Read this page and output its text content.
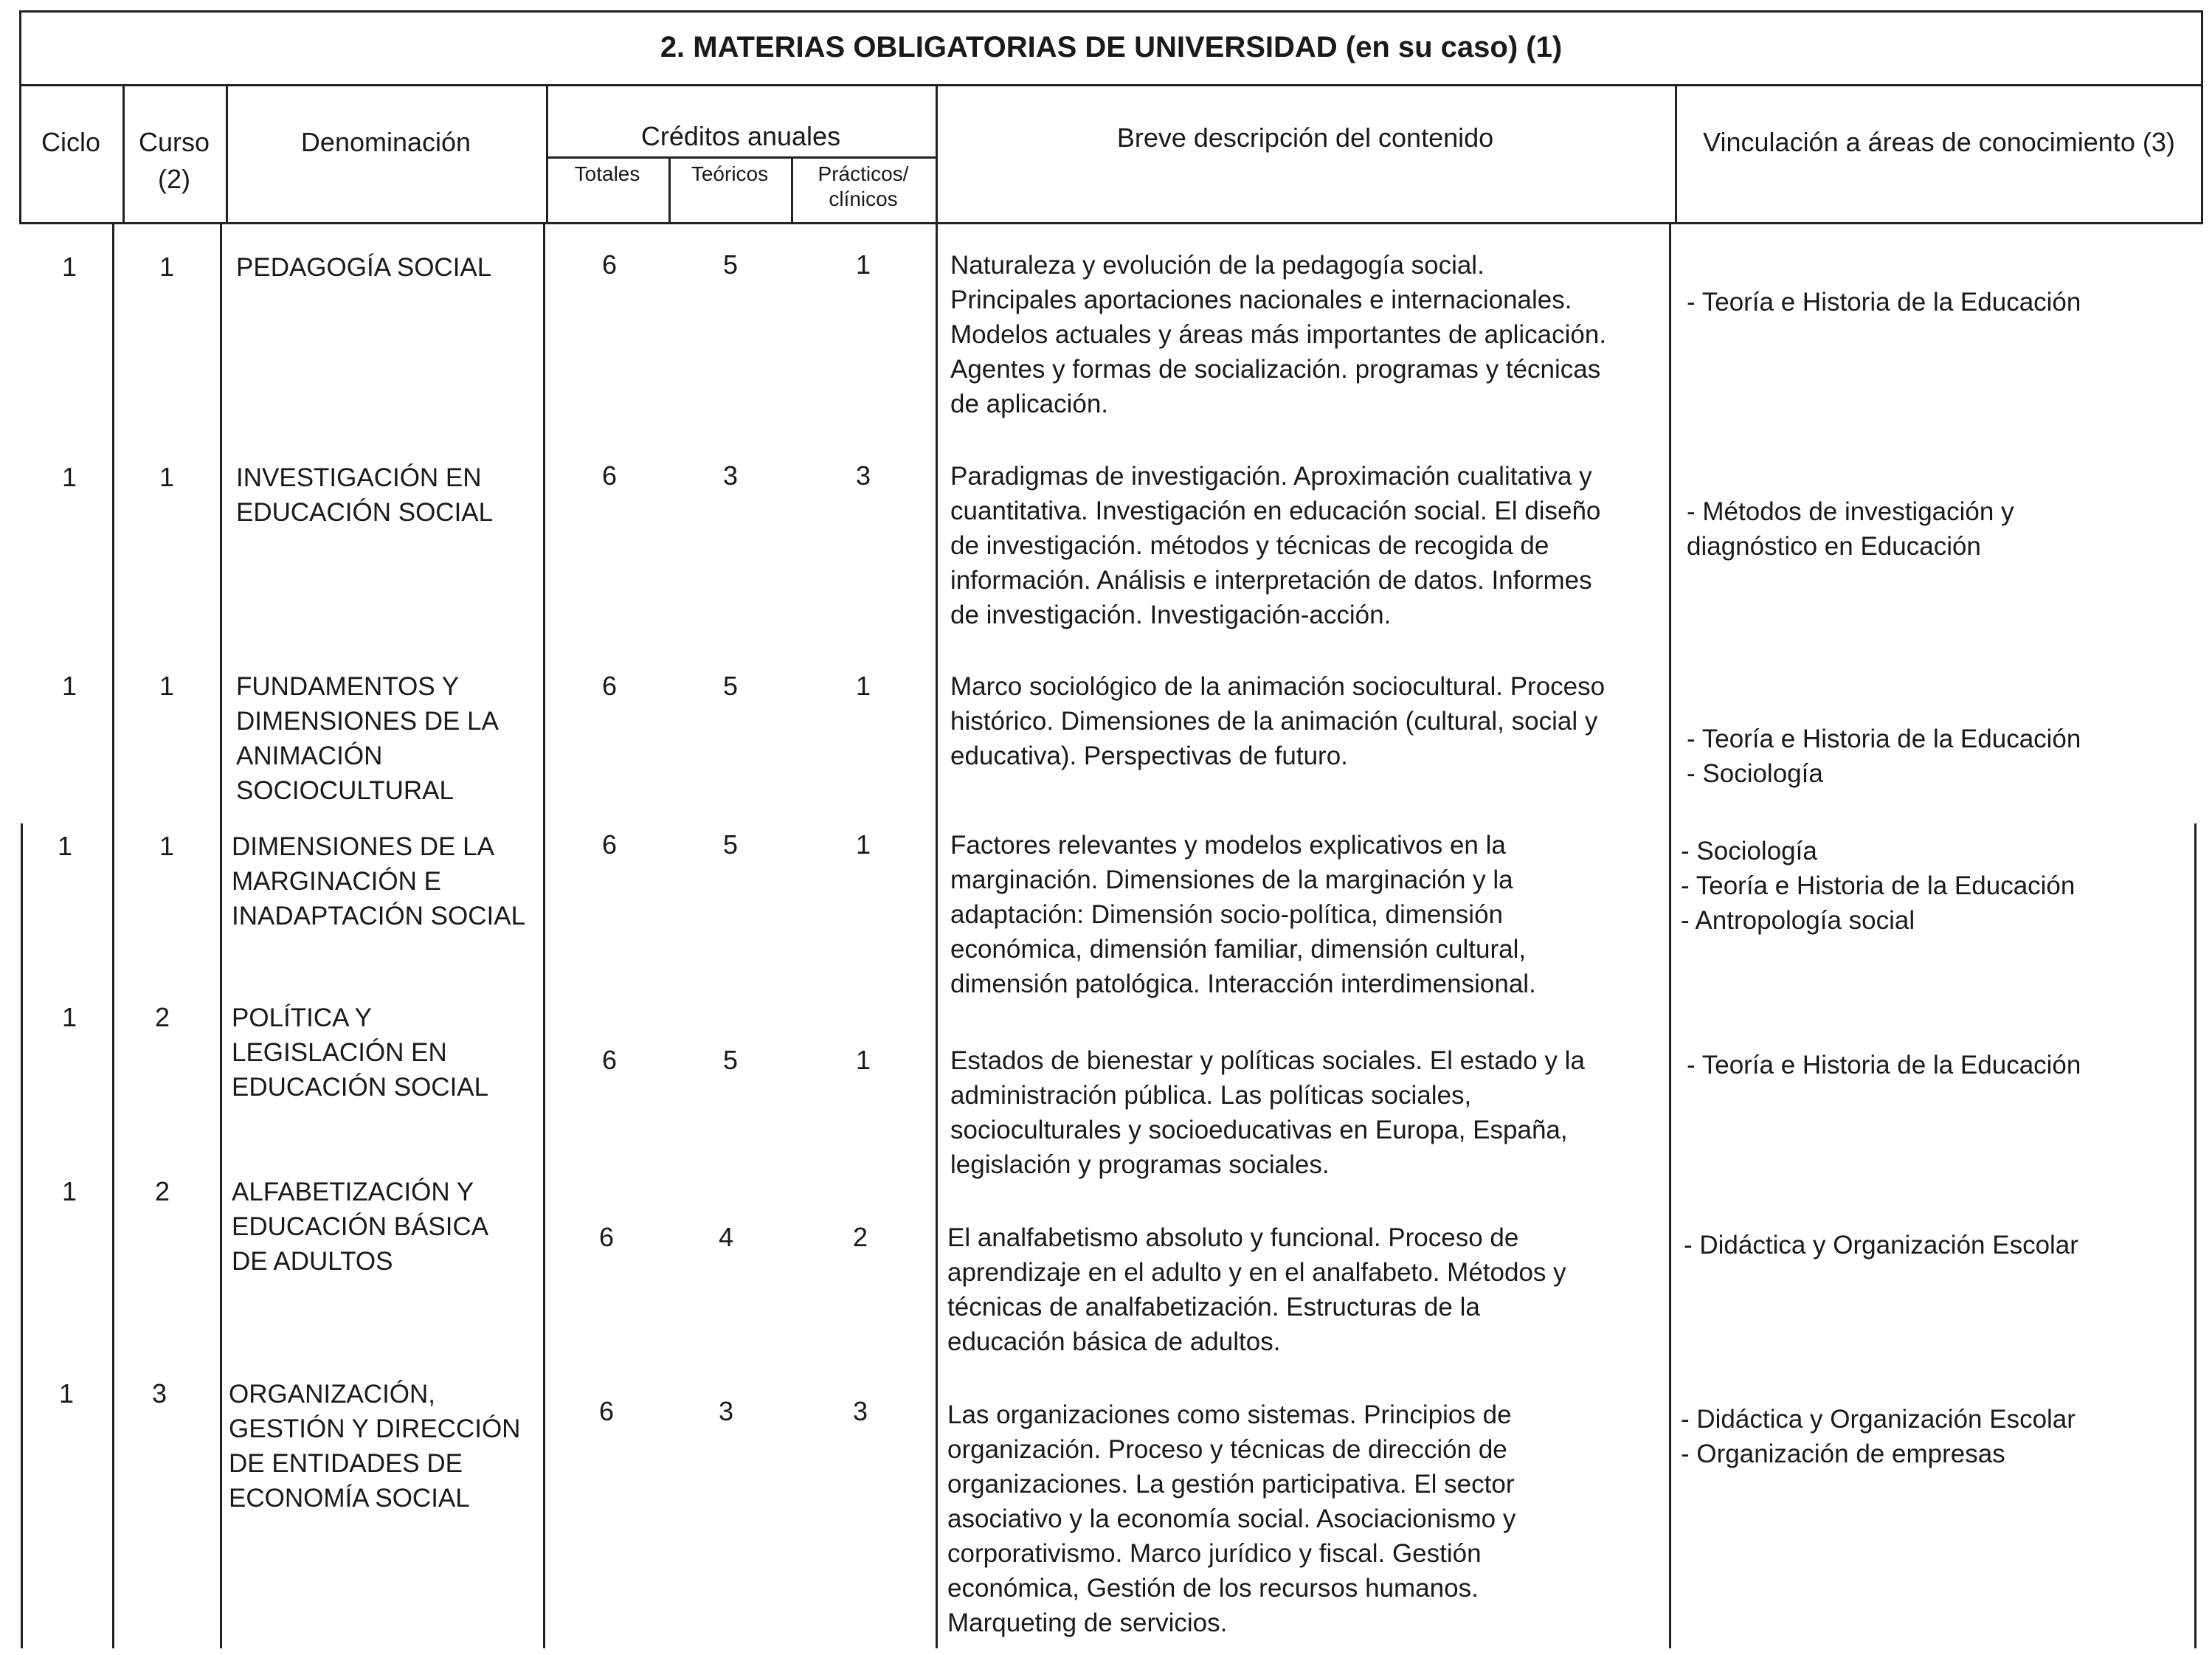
2. MATERIAS OBLIGATORIAS DE UNIVERSIDAD (en su caso) (1)
Ciclo	Curso
(2)
Denominación	Créditos anuales
Totales	Teóricos	Prácticos/
clínicos
Breve descripción del contenido	Vinculación a áreas de conocimiento (3)
1	1	PEDAGOGÍA SOCIAL	6	5	1	Naturaleza y evolución de la pedagogía social.
Principales aportaciones nacionales e internacionales.
Modelos actuales y áreas más importantes de aplicación.
Agentes y formas de socialización. programas y técnicas
de aplicación.
- Teoría e Historia de la Educación
1	1	INVESTIGACIÓN EN
EDUCACIÓN SOCIAL
6	3	3	Paradigmas de investigación. Aproximación cualitativa y
cuantitativa. Investigación en educación social. El diseño
de investigación. métodos y técnicas de recogida de
información. Análisis e interpretación de datos. Informes
de investigación. Investigación-acción.
- Métodos de investigación y
diagnóstico en Educación
1	1	FUNDAMENTOS Y
DIMENSIONES DE LA
ANIMACIÓN
SOCIOCULTURAL
6	5	1	Marco sociológico de la animación sociocultural. Proceso
histórico. Dimensiones de la animación (cultural, social y
educativa). Perspectivas de futuro.
- Teoría e Historia de la Educación
- Sociología
1	1	DIMENSIONES DE LA
MARGINACIÓN E
INADAPTACIÓN SOCIAL
6	5	1	Factores relevantes y modelos explicativos en la
marginación. Dimensiones de la marginación y la
adaptación: Dimensión socio-política, dimensión
económica, dimensión familiar, dimensión cultural,
dimensión patológica. Interacción interdimensional.
- Sociología
- Teoría e Historia de la Educación
- Antropología social
1	2	POLÍTICA Y
LEGISLACIÓN EN
EDUCACIÓN SOCIAL
6	5	1	Estados de bienestar y políticas sociales. El estado y la
administración pública. Las políticas sociales,
socioculturales y socioeducativas en Europa, España,
legislación y programas sociales.
- Teoría e Historia de la Educación
1	2	ALFABETIZACIÓN Y
EDUCACIÓN BÁSICA
DE ADULTOS
6	4	2	El analfabetismo absoluto y funcional. Proceso de
aprendizaje en el adulto y en el analfabeto. Métodos y
técnicas de analfabetización. Estructuras de la
educación básica de adultos.
- Didáctica y Organización Escolar
1	3	ORGANIZACIÓN,
GESTIÓN Y DIRECCIÓN
DE ENTIDADES DE
ECONOMÍA SOCIAL
6	3	3	Las organizaciones como sistemas. Principios de
organización. Proceso y técnicas de dirección de
organizaciones. La gestión participativa. El sector
asociativo y la economía social. Asociacionismo y
corporativismo. Marco jurídico y fiscal. Gestión
económica, Gestión de los recursos humanos.
Marqueting de servicios.
- Didáctica y Organización Escolar
- Organización de empresas
